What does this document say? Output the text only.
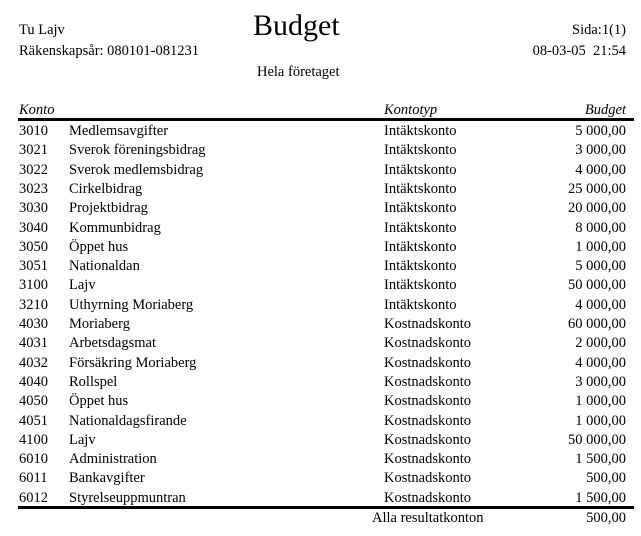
Tu Lajv	Budget	Sida:1(1)
Räkenskapsår: 080101-081231	08-03-05  21:54
Hela företaget
Konto	Kontotyp	Budget
3010 Medlemsavgifter	Intäktskonto	5 000,00
3021 Sverok föreningsbidrag	Intäktskonto	3 000,00
3022 Sverok medlemsbidrag	Intäktskonto	4 000,00
3023 Cirkelbidrag	Intäktskonto	25 000,00
3030 Projektbidrag	Intäktskonto	20 000,00
3040 Kommunbidrag	Intäktskonto	8 000,00
3050 Öppet hus	Intäktskonto	1 000,00
3051 Nationaldan	Intäktskonto	5 000,00
3100 Lajv	Intäktskonto	50 000,00
3210 Uthyrning Moriaberg	Intäktskonto	4 000,00
4030 Moriaberg	Kostnadskonto	60 000,00
4031 Arbetsdagsmat	Kostnadskonto	2 000,00
4032 Försäkring Moriaberg	Kostnadskonto	4 000,00
4040 Rollspel	Kostnadskonto	3 000,00
4050 Öppet hus	Kostnadskonto	1 000,00
4051 Nationaldagsfirande	Kostnadskonto	1 000,00
4100 Lajv	Kostnadskonto	50 000,00
6010 Administration	Kostnadskonto	1 500,00
6011 Bankavgifter	Kostnadskonto	500,00
6012 Styrelseuppmuntran	Kostnadskonto	1 500,00
Alla resultatkonton	500,00
